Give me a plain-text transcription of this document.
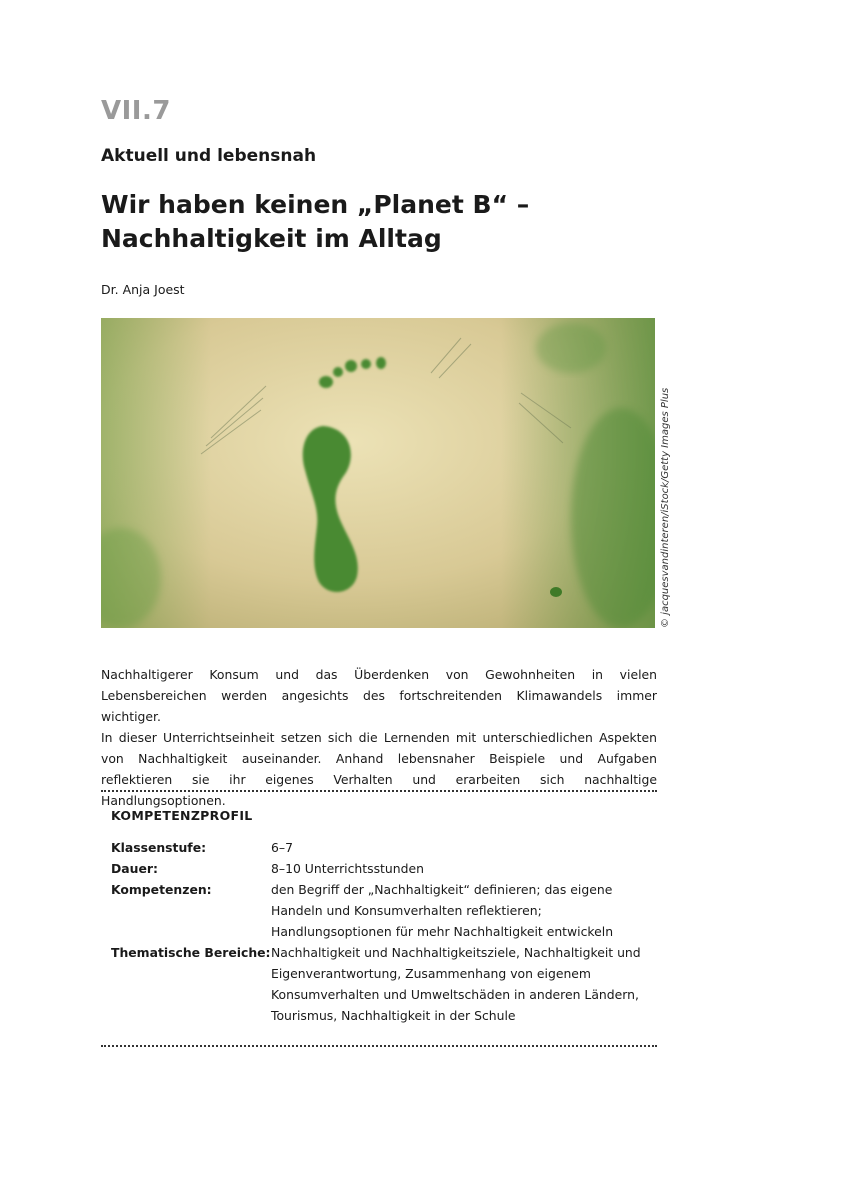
VII.7
Aktuell und lebensnah
Wir haben keinen „Planet B“ –
Nachhaltigkeit im Alltag
Dr. Anja Joest
© jacquesvandinteren/iStock/Getty Images Plus

Nachhaltigerer Konsum und das Überdenken von Gewohnheiten in vielen Lebensbereichen werden angesichts des fortschreitenden Klimawandels immer wichtiger.

In dieser Unterrichtseinheit setzen sich die Lernenden mit unterschiedlichen Aspekten von Nachhaltigkeit auseinander. Anhand lebensnaher Beispiele und Aufgaben reflektieren sie ihr eigenes Verhalten und erarbeiten sich nachhaltige Handlungsoptionen.

KOMPETENZPROFIL
Klassenstufe:	6–7
Dauer:	8–10 Unterrichtsstunden
Kompetenzen:	den Begriff der „Nachhaltigkeit“ definieren; das eigene Handeln und Konsumverhalten reflektieren; Handlungsoptionen für mehr Nachhaltigkeit entwickeln
Thematische Bereiche:	Nachhaltigkeit und Nachhaltigkeitsziele, Nachhaltigkeit und Eigenverantwortung, Zusammenhang von eigenem Konsumverhalten und Umweltschäden in anderen Ländern, Tourismus, Nachhaltigkeit in der Schule
